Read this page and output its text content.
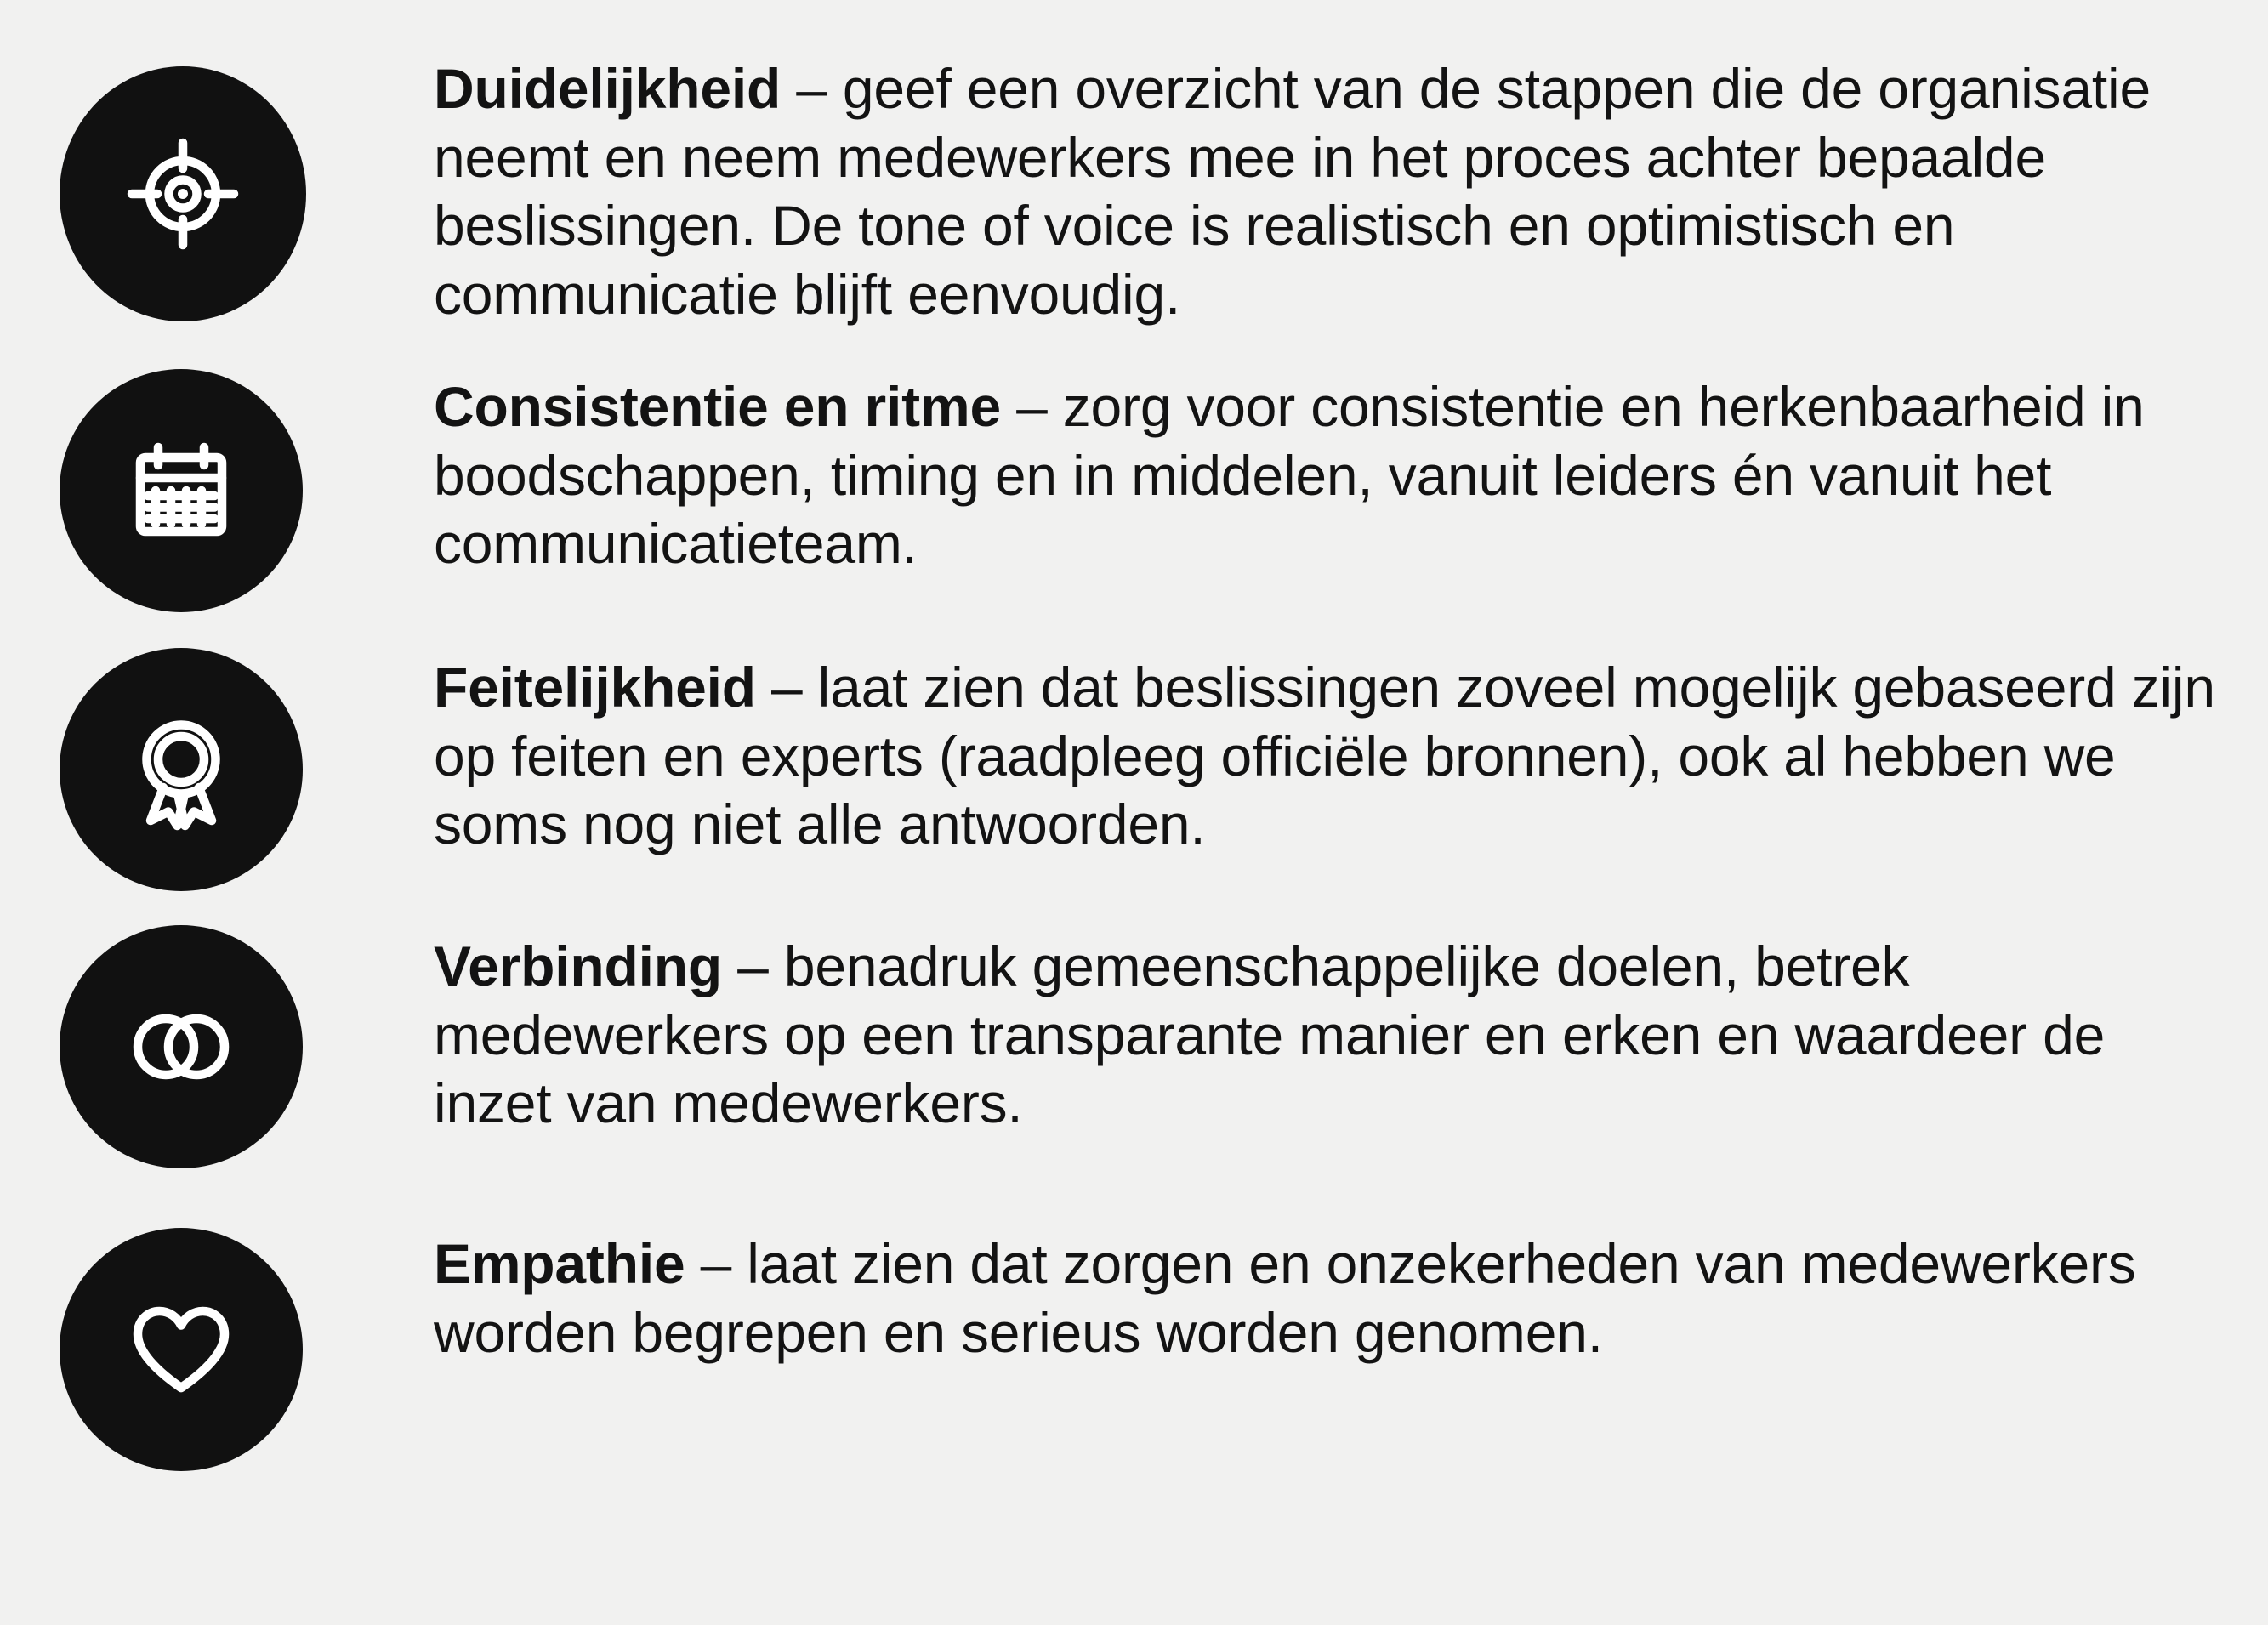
Duidelijkheid – geef een overzicht van de stappen die de organisatie neemt en neem medewerkers mee in het proces achter bepaalde beslissingen. De tone of voice is realistisch en optimistisch en communicatie blijft eenvoudig.
Consistentie en ritme – zorg voor consistentie en herkenbaarheid in boodschappen, timing en in middelen, vanuit leiders én vanuit het communicatieteam.
Feitelijkheid – laat zien dat beslissingen zoveel mogelijk gebaseerd zijn op feiten en experts (raadpleeg officiële bronnen), ook al hebben we soms nog niet alle antwoorden.
Verbinding – benadruk gemeenschappelijke doelen, betrek medewerkers op een transparante manier en erken en waardeer de inzet van medewerkers.
Empathie – laat zien dat zorgen en onzekerheden van medewerkers worden begrepen en serieus worden genomen.
